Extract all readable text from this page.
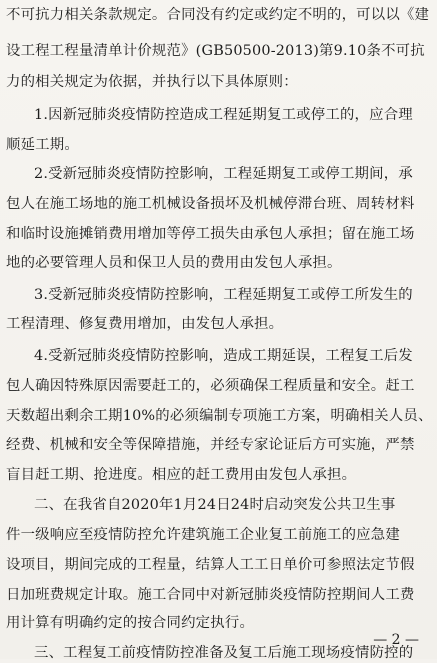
不可抗力相关条款规定。合同没有约定或约定不明的，可以以《建
设工程工程量清单计价规范》(GB50500-2013)第9.10条不可抗
力的相关规定为依据，并执行以下具体原则：
1.因新冠肺炎疫情防控造成工程延期复工或停工的，应合理
顺延工期。
2.受新冠肺炎疫情防控影响，工程延期复工或停工期间，承
包人在施工场地的施工机械设备损坏及机械停滞台班、周转材料
和临时设施摊销费用增加等停工损失由承包人承担；留在施工场
地的必要管理人员和保卫人员的费用由发包人承担。
3.受新冠肺炎疫情防控影响，工程延期复工或停工所发生的
工程清理、修复费用增加，由发包人承担。
4.受新冠肺炎疫情防控影响，造成工期延误，工程复工后发
包人确因特殊原因需要赶工的，必须确保工程质量和安全。赶工
天数超出剩余工期10%的必须编制专项施工方案，明确相关人员、
经费、机械和安全等保障措施，并经专家论证后方可实施，严禁
盲目赶工期、抢进度。相应的赶工费用由发包人承担。
二、在我省自2020年1月24日24时启动突发公共卫生事
件一级响应至疫情防控允许建筑施工企业复工前施工的应急建
设项目，期间完成的工程量，结算人工工日单价可参照法定节假
日加班费规定计取。施工合同中对新冠肺炎疫情防控期间人工费
用计算有明确约定的按合同约定执行。
三、工程复工前疫情防控准备及复工后施工现场疫情防控的
— 2 —
